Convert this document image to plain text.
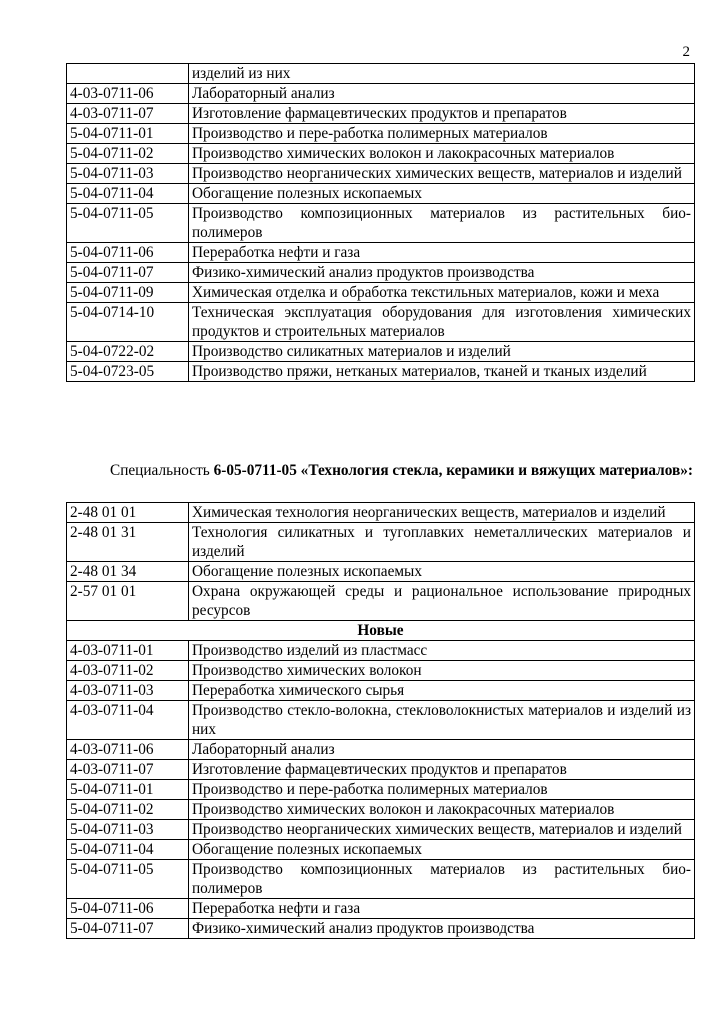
2
	изделий из них
4-03-0711-06	Лабораторный анализ
4-03-0711-07	Изготовление фармацевтических продуктов и препаратов
5-04-0711-01	Производство и пере-работка полимерных материалов
5-04-0711-02	Производство химических волокон и лакокрасочных материалов
5-04-0711-03	Производство неорганических химических веществ, материалов и изделий
5-04-0711-04	Обогащение полезных ископаемых
5-04-0711-05	Производство композиционных материалов из растительных био-полимеров
5-04-0711-06	Переработка нефти и газа
5-04-0711-07	Физико-химический анализ продуктов производства
5-04-0711-09	Химическая отделка и обработка текстильных материалов, кожи и меха
5-04-0714-10	Техническая эксплуатация оборудования для изготовления химических продуктов и строительных материалов
5-04-0722-02	Производство силикатных материалов и изделий
5-04-0723-05	Производство пряжи, нетканых материалов, тканей и тканых изделий
Специальность 6-05-0711-05 «Технология стекла, керамики и вяжущих материалов»:
2-48 01 01	Химическая технология неорганических веществ, материалов и изделий
2-48 01 31	Технология силикатных и тугоплавких неметаллических материалов и изделий
2-48 01 34	Обогащение полезных ископаемых
2-57 01 01	Охрана окружающей среды и рациональное использование природных ресурсов
Новые	
4-03-0711-01	Производство изделий из пластмасс
4-03-0711-02	Производство химических волокон
4-03-0711-03	Переработка химического сырья
4-03-0711-04	Производство стекло-волокна, стекловолокнистых материалов и изделий из них
4-03-0711-06	Лабораторный анализ
4-03-0711-07	Изготовление фармацевтических продуктов и препаратов
5-04-0711-01	Производство и пере-работка полимерных материалов
5-04-0711-02	Производство химических волокон и лакокрасочных материалов
5-04-0711-03	Производство неорганических химических веществ, материалов и изделий
5-04-0711-04	Обогащение полезных ископаемых
5-04-0711-05	Производство композиционных материалов из растительных био-полимеров
5-04-0711-06	Переработка нефти и газа
5-04-0711-07	Физико-химический анализ продуктов производства
